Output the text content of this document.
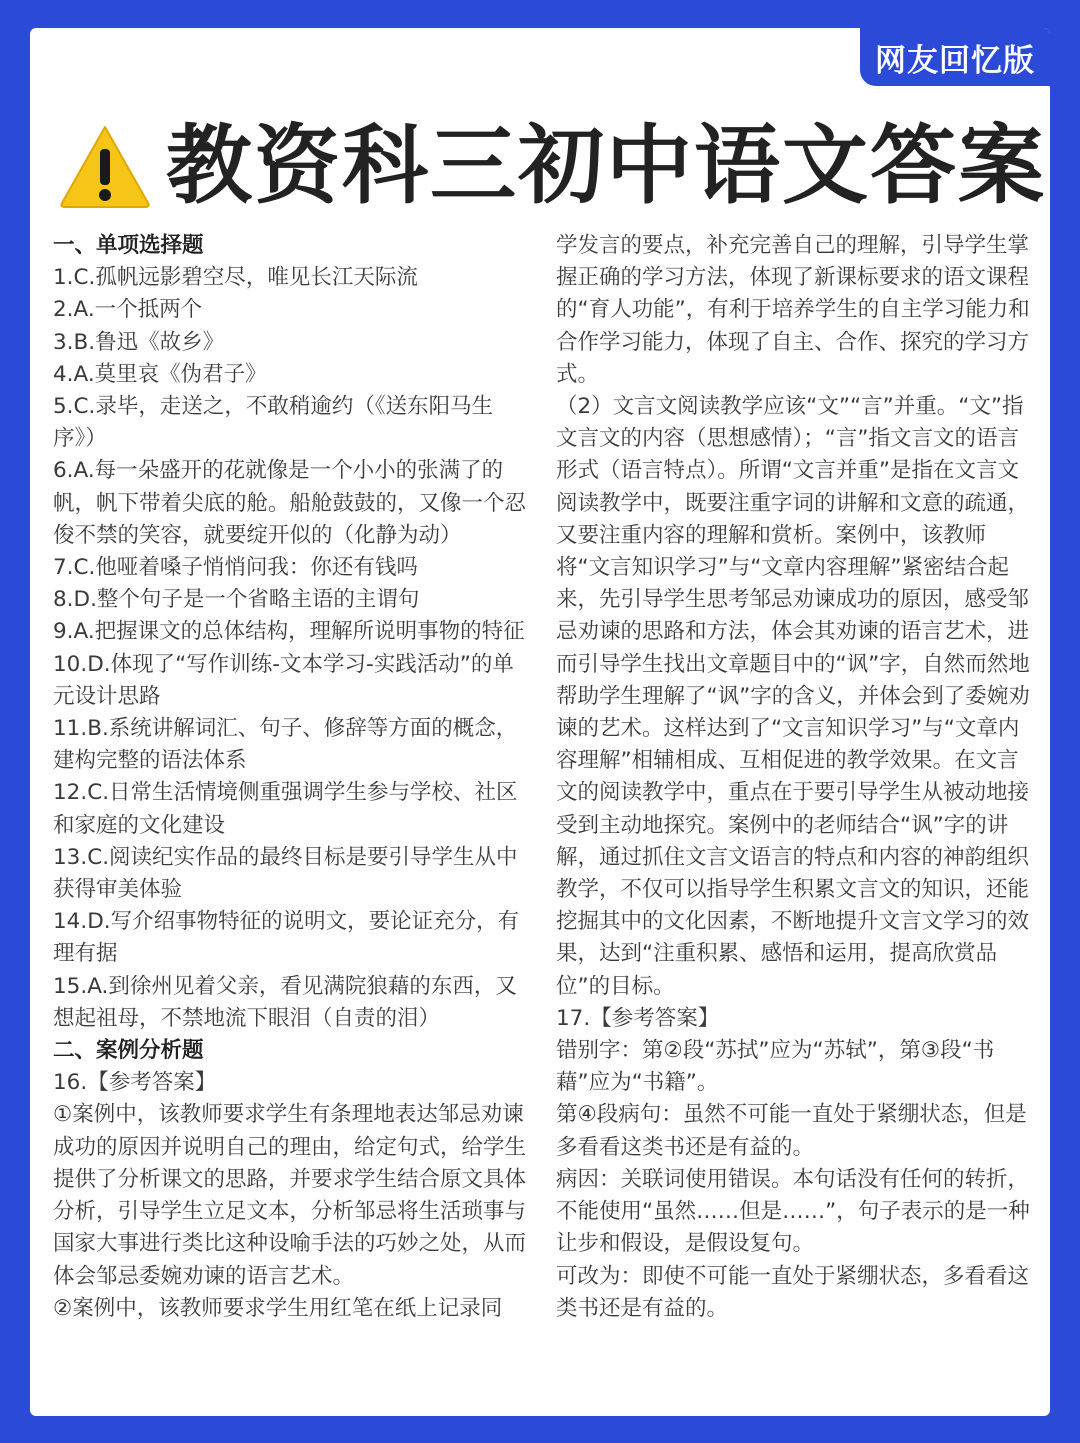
网友回忆版
教资科三初中语文答案

一、单项选择题

1.C.孤帆远影碧空尽，唯见长江天际流

2.A.一个抵两个

3.B.鲁迅《故乡》

4.A.莫里哀《伪君子》

5.C.录毕，走送之，不敢稍逾约（《送东阳马生序》）

6.A.每一朵盛开的花就像是一个小小的张满了的帆，帆下带着尖底的舱。船舱鼓鼓的，又像一个忍俊不禁的笑容，就要绽开似的（化静为动）

7.C.他哑着嗓子悄悄问我：你还有钱吗

8.D.整个句子是一个省略主语的主谓句

9.A.把握课文的总体结构，理解所说明事物的特征

10.D.体现了“写作训练-文本学习-实践活动”的单元设计思路

11.B.系统讲解词汇、句子、修辞等方面的概念，建构完整的语法体系

12.C.日常生活情境侧重强调学生参与学校、社区和家庭的文化建设

13.C.阅读纪实作品的最终目标是要引导学生从中获得审美体验

14.D.写介绍事物特征的说明文，要论证充分，有理有据

15.A.到徐州见着父亲，看见满院狼藉的东西，又想起祖母，不禁地流下眼泪（自责的泪）

二、案例分析题

16.【参考答案】

①案例中，该教师要求学生有条理地表达邹忌劝谏成功的原因并说明自己的理由，给定句式，给学生提供了分析课文的思路，并要求学生结合原文具体分析，引导学生立足文本，分析邹忌将生活琐事与国家大事进行类比这种设喻手法的巧妙之处，从而体会邹忌委婉劝谏的语言艺术。

②案例中，该教师要求学生用红笔在纸上记录同

学发言的要点，补充完善自己的理解，引导学生掌握正确的学习方法，体现了新课标要求的语文课程的“育人功能”，有利于培养学生的自主学习能力和合作学习能力，体现了自主、合作、探究的学习方式。

（2）文言文阅读教学应该“文”“言”并重。“文”指文言文的内容（思想感情）；“言”指文言文的语言形式（语言特点）。所谓“文言并重”是指在文言文阅读教学中，既要注重字词的讲解和文意的疏通，又要注重内容的理解和赏析。案例中，该教师将“文言知识学习”与“文章内容理解”紧密结合起来，先引导学生思考邹忌劝谏成功的原因，感受邹忌劝谏的思路和方法，体会其劝谏的语言艺术，进而引导学生找出文章题目中的“讽”字，自然而然地帮助学生理解了“讽”字的含义，并体会到了委婉劝谏的艺术。这样达到了“文言知识学习”与“文章内容理解”相辅相成、互相促进的教学效果。在文言文的阅读教学中，重点在于要引导学生从被动地接受到主动地探究。案例中的老师结合“讽”字的讲解，通过抓住文言文语言的特点和内容的神韵组织教学，不仅可以指导学生积累文言文的知识，还能挖掘其中的文化因素，不断地提升文言文学习的效果，达到“注重积累、感悟和运用，提高欣赏品位”的目标。

17.【参考答案】

错别字：第②段“苏拭”应为“苏轼”，第③段“书藉”应为“书籍”。

第④段病句：虽然不可能一直处于紧绷状态，但是多看看这类书还是有益的。

病因：关联词使用错误。本句话没有任何的转折，不能使用“虽然……但是……”，句子表示的是一种让步和假设，是假设复句。

可改为：即使不可能一直处于紧绷状态，多看看这类书还是有益的。
